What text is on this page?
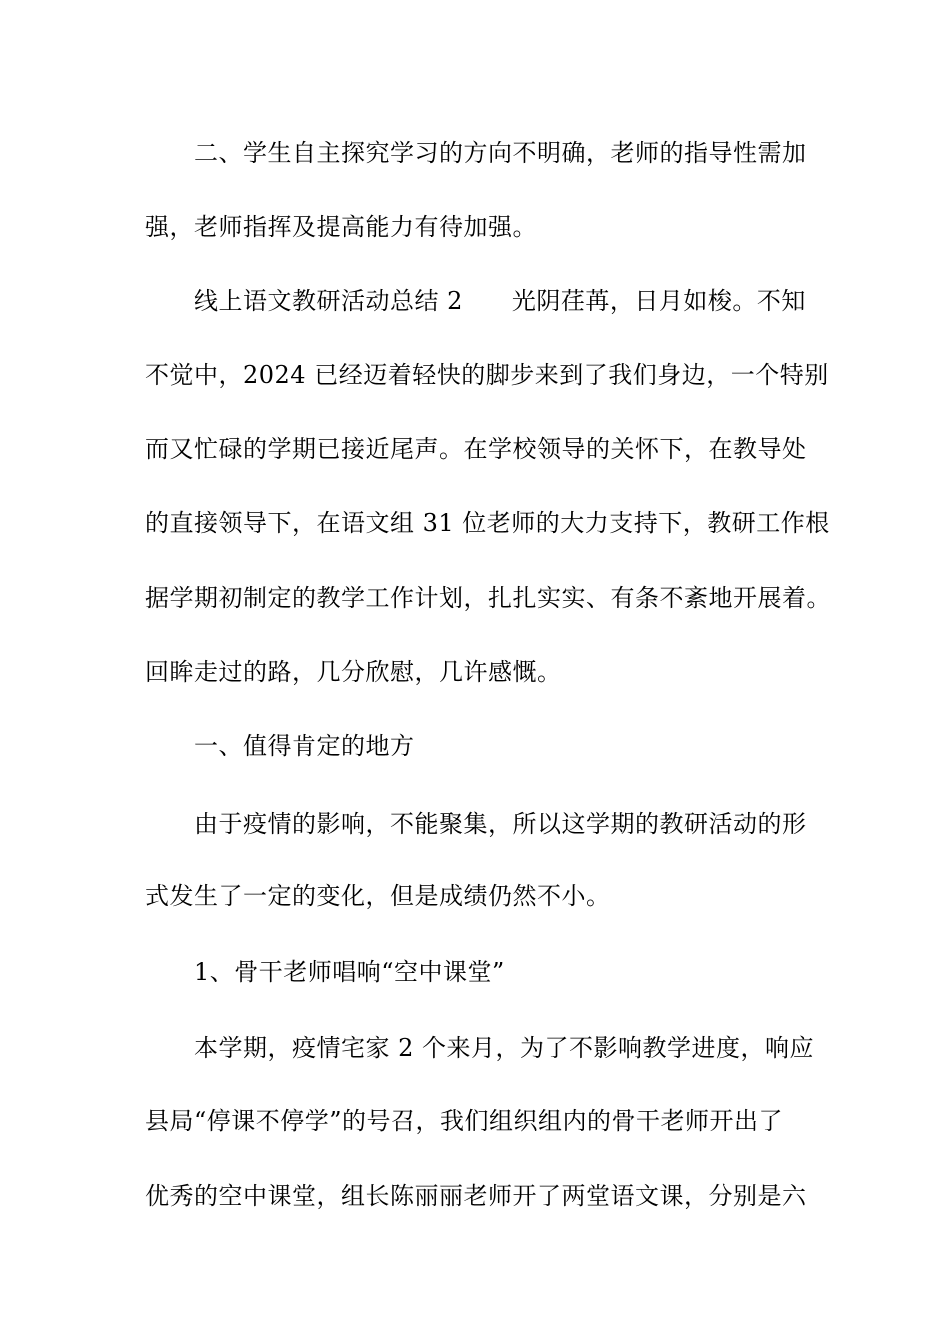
二、学生自主探究学习的方向不明确，老师的指导性需加
强，老师指挥及提高能力有待加强。
线上语文教研活动总结 2　　光阴荏苒，日月如梭。不知
不觉中，2024 已经迈着轻快的脚步来到了我们身边，一个特别
而又忙碌的学期已接近尾声。在学校领导的关怀下，在教导处
的直接领导下，在语文组 31 位老师的大力支持下，教研工作根
据学期初制定的教学工作计划，扎扎实实、有条不紊地开展着。
回眸走过的路，几分欣慰，几许感慨。
一、值得肯定的地方
由于疫情的影响，不能聚集，所以这学期的教研活动的形
式发生了一定的变化，但是成绩仍然不小。
1、骨干老师唱响“空中课堂”
本学期，疫情宅家 2 个来月，为了不影响教学进度，响应
县局“停课不停学”的号召，我们组织组内的骨干老师开出了
优秀的空中课堂，组长陈丽丽老师开了两堂语文课，分别是六
